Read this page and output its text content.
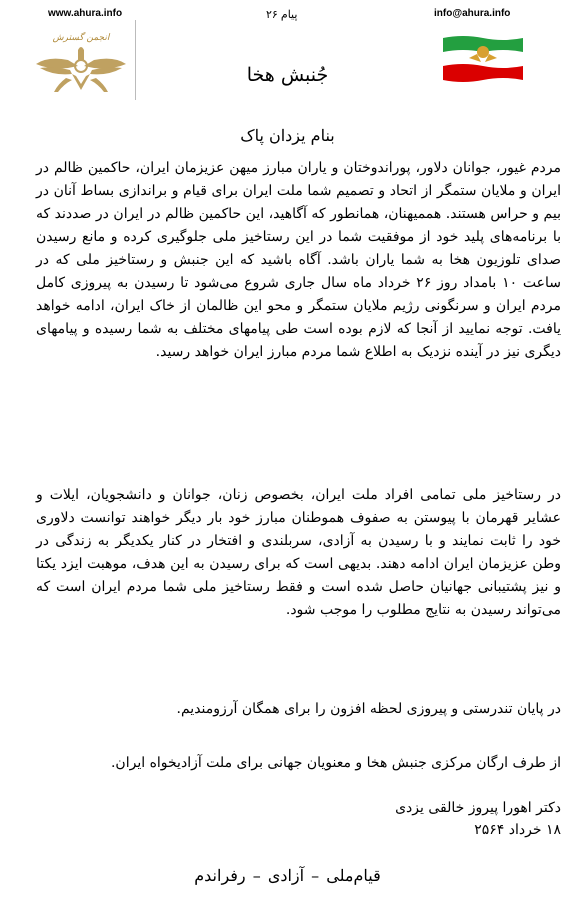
www.ahura.info	پیام ۲۶	info@ahura.info
انجمن گسترش
جُنبش هخا
بنام یزدان پاک

مردم غیور، جوانان دلاور، پوراندوختان و یاران مبارز میهن عزیزمان ایران، حاکمین ظالم در ایران و ملایان ستمگر از اتحاد و تصمیم شما ملت ایران برای قیام و براندازی بساط آنان در بیم و حراس هستند. هممیهنان، همانطور که آگاهید، این حاکمین ظالم در ایران در صددند که با برنامه‌های پلید خود از موفقیت شما در این رستاخیز ملی جلوگیری کرده و مانع رسیدن صدای تلوزیون هخا به شما یاران باشد. آگاه باشید که این جنبش و رستاخیز ملی که در ساعت ۱۰ بامداد روز ۲۶ خرداد ماه سال جاری شروع می‌شود تا رسیدن به پیروزی کامل مردم ایران و سرنگونی رژیم ملایان ستمگر و محو این ظالمان از خاک ایران، ادامه خواهد یافت. توجه نمایید از آنجا که لازم بوده است طی پیامهای مختلف به شما رسیده و پیامهای دیگری نیز در آینده نزدیک به اطلاع شما مردم مبارز ایران خواهد رسید.

در رستاخیز ملی تمامی افراد ملت ایران، بخصوص زنان، جوانان و دانشجویان، ایلات و عشایر قهرمان با پیوستن به صفوف هموطنان مبارز خود بار دیگر خواهند توانست دلاوری خود را ثابت نمایند و با رسیدن به آزادی، سربلندی و افتخار در کنار یکدیگر به زندگی در وطن عزیزمان ایران ادامه دهند. بدیهی است که برای رسیدن به این هدف، موهبت ایزد یکتا و نیز پشتیبانی جهانیان حاصل شده است و فقط رستاخیز ملی شما مردم ایران است که می‌تواند رسیدن به نتایج مطلوب را موجب شود.

در پایان تندرستی و پیروزی لحظه افزون را برای همگان آرزومندیم.

از طرف ارگان مرکزی جنبش هخا و معنویان جهانی برای ملت آزادیخواه ایران.
دکتر اهورا پیروز خالقی یزدی
۱۸ خرداد ۲۵۶۴
قیام‌ملی – آزادی – رفراندم
